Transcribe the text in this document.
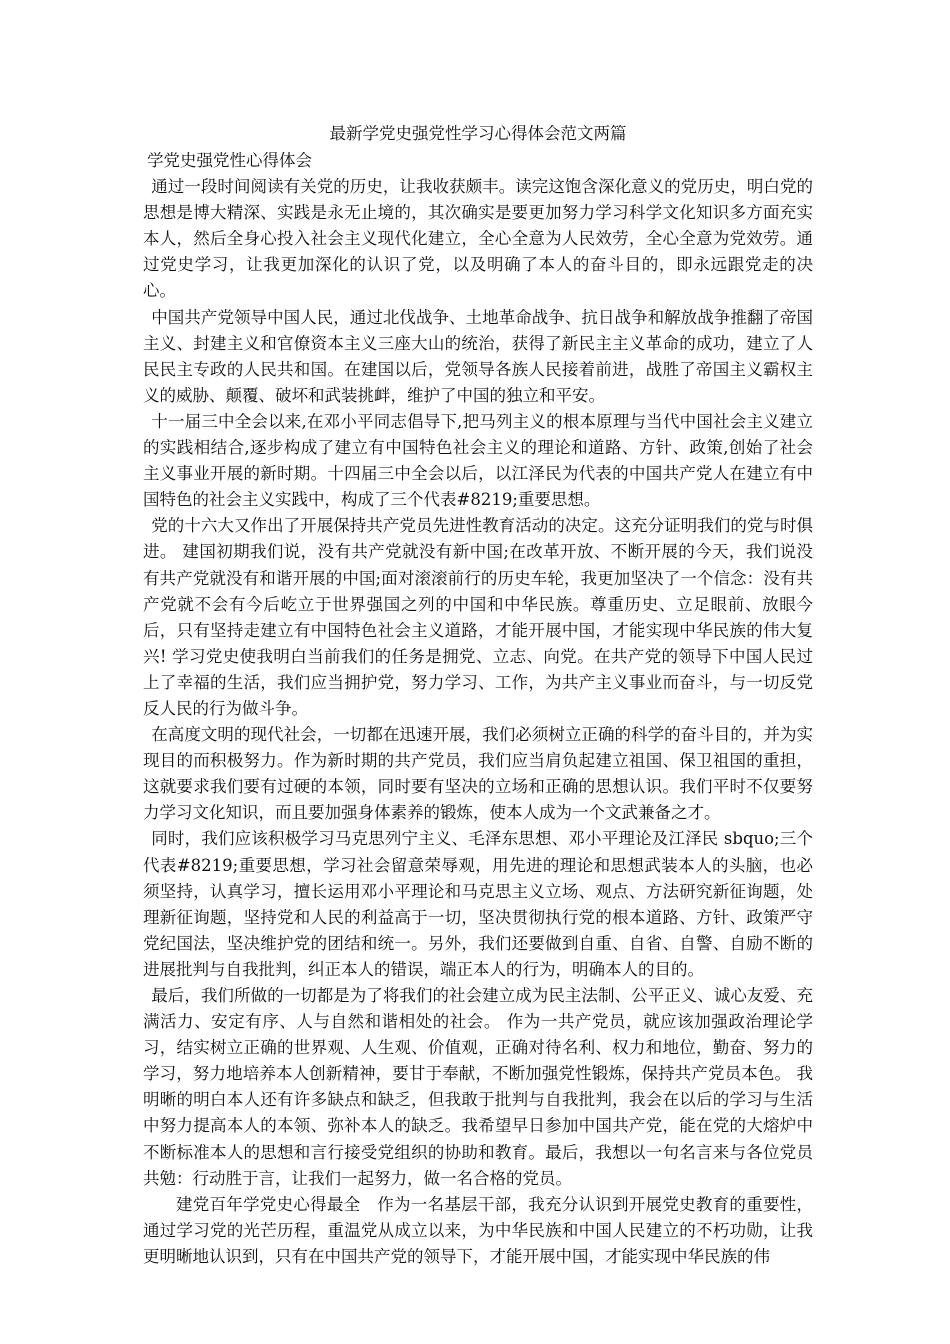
最新学党史强党性学习心得体会范文两篇

学党史强党性心得体会

通过一段时间阅读有关党的历史，让我收获颇丰。读完这饱含深化意义的党历史，明白党的思想是博大精深、实践是永无止境的，其次确实是要更加努力学习科学文化知识多方面充实本人，然后全身心投入社会主义现代化建立，全心全意为人民效劳，全心全意为党效劳。通过党史学习，让我更加深化的认识了党，以及明确了本人的奋斗目的，即永远跟党走的决心。

中国共产党领导中国人民，通过北伐战争、土地革命战争、抗日战争和解放战争推翻了帝国主义、封建主义和官僚资本主义三座大山的统治，获得了新民主主义革命的成功，建立了人民民主专政的人民共和国。在建国以后，党领导各族人民接着前进，战胜了帝国主义霸权主义的威胁、颠覆、破坏和武装挑衅，维护了中国的独立和平安。

十一届三中全会以来,在邓小平同志倡导下,把马列主义的根本原理与当代中国社会主义建立的实践相结合,逐步构成了建立有中国特色社会主义的理论和道路、方针、政策,创始了社会主义事业开展的新时期。十四届三中全会以后，以江泽民为代表的中国共产党人在建立有中国特色的社会主义实践中，构成了三个代表#8219;重要思想。

党的十六大又作出了开展保持共产党员先进性教育活动的决定。这充分证明我们的党与时俱进。 建国初期我们说，没有共产党就没有新中国;在改革开放、不断开展的今天，我们说没有共产党就没有和谐开展的中国;面对滚滚前行的历史车轮，我更加坚决了一个信念：没有共产党就不会有今后屹立于世界强国之列的中国和中华民族。尊重历史、立足眼前、放眼今后，只有坚持走建立有中国特色社会主义道路，才能开展中国，才能实现中华民族的伟大复兴! 学习党史使我明白当前我们的任务是拥党、立志、向党。在共产党的领导下中国人民过上了幸福的生活，我们应当拥护党，努力学习、工作，为共产主义事业而奋斗，与一切反党反人民的行为做斗争。

在高度文明的现代社会，一切都在迅速开展，我们必须树立正确的科学的奋斗目的，并为实现目的而积极努力。作为新时期的共产党员，我们应当肩负起建立祖国、保卫祖国的重担，这就要求我们要有过硬的本领，同时要有坚决的立场和正确的思想认识。我们平时不仅要努力学习文化知识，而且要加强身体素养的锻炼，使本人成为一个文武兼备之才。

同时，我们应该积极学习马克思列宁主义、毛泽东思想、邓小平理论及江泽民 sbquo;三个代表#8219;重要思想，学习社会留意荣辱观，用先进的理论和思想武装本人的头脑，也必须坚持，认真学习，擅长运用邓小平理论和马克思主义立场、观点、方法研究新征询题，处理新征询题，坚持党和人民的利益高于一切，坚决贯彻执行党的根本道路、方针、政策严守党纪国法，坚决维护党的团结和统一。另外，我们还要做到自重、自省、自警、自励不断的进展批判与自我批判，纠正本人的错误，端正本人的行为，明确本人的目的。

最后，我们所做的一切都是为了将我们的社会建立成为民主法制、公平正义、诚心友爱、充满活力、安定有序、人与自然和谐相处的社会。 作为一共产党员，就应该加强政治理论学习，结实树立正确的世界观、人生观、价值观，正确对待名利、权力和地位，勤奋、努力的学习，努力地培养本人创新精神，要甘于奉献，不断加强党性锻炼，保持共产党员本色。 我明晰的明白本人还有许多缺点和缺乏，但我敢于批判与自我批判，我会在以后的学习与生活中努力提高本人的本领、弥补本人的缺乏。我希望早日参加中国共产党，能在党的大熔炉中不断标准本人的思想和言行接受党组织的协助和教育。最后，我想以一句名言来与各位党员共勉：行动胜于言，让我们一起努力，做一名合格的党员。

建党百年学党史心得最全　作为一名基层干部，我充分认识到开展党史教育的重要性，通过学习党的光芒历程，重温党从成立以来，为中华民族和中国人民建立的不朽功勋，让我更明晰地认识到，只有在中国共产党的领导下，才能开展中国，才能实现中华民族的伟
